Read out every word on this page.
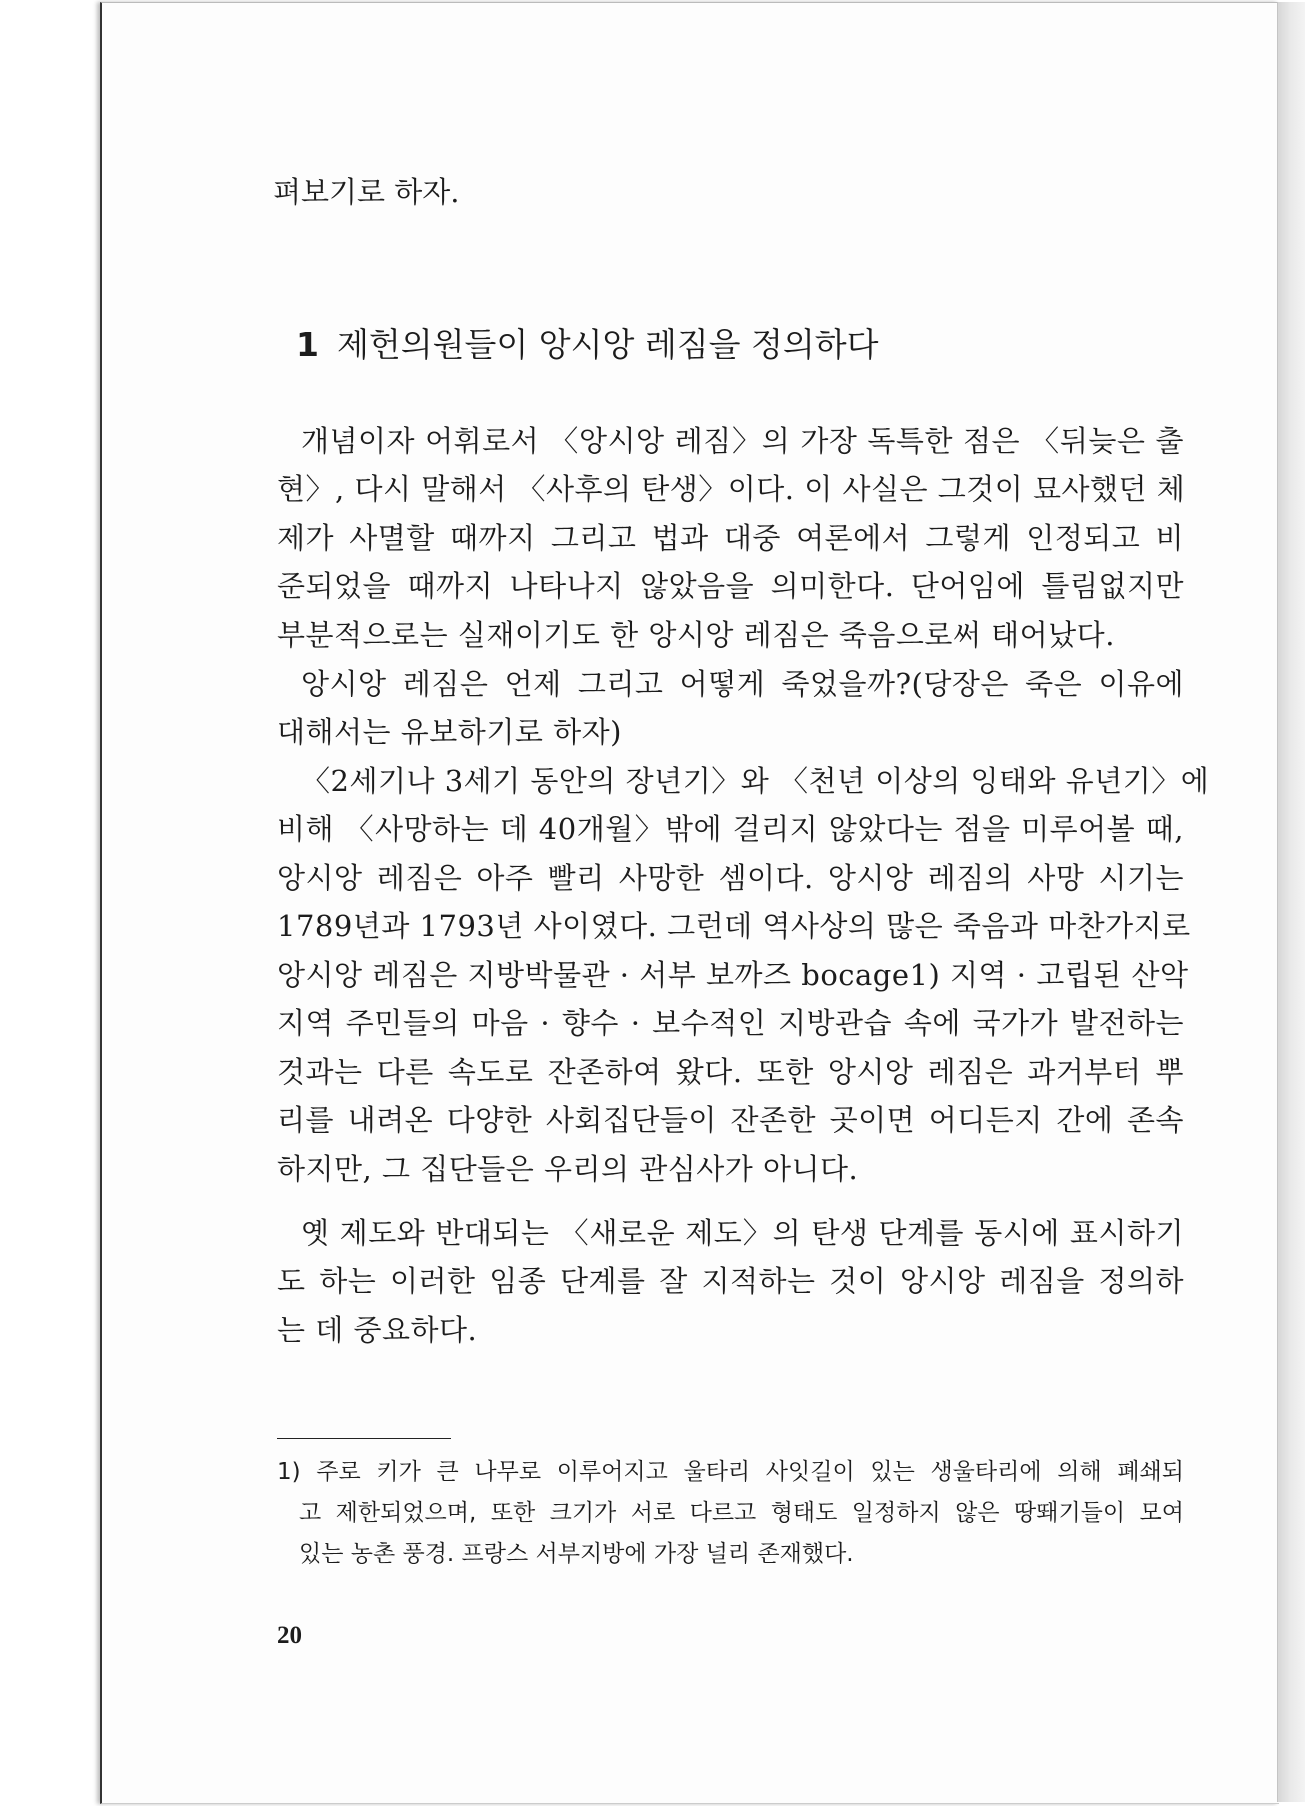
펴보기로 하자.
1 제헌의원들이 앙시앙 레짐을 정의하다
개념이자 어휘로서 〈앙시앙 레짐〉의 가장 독특한 점은 〈뒤늦은 출
현〉, 다시 말해서 〈사후의 탄생〉이다. 이 사실은 그것이 묘사했던 체
제가 사멸할 때까지 그리고 법과 대중 여론에서 그렇게 인정되고 비
준되었을 때까지 나타나지 않았음을 의미한다. 단어임에 틀림없지만
부분적으로는 실재이기도 한 앙시앙 레짐은 죽음으로써 태어났다.
앙시앙 레짐은 언제 그리고 어떻게 죽었을까?(당장은 죽은 이유에
대해서는 유보하기로 하자)
〈2세기나 3세기 동안의 장년기〉와 〈천년 이상의 잉태와 유년기〉에
비해 〈사망하는 데 40개월〉밖에 걸리지 않았다는 점을 미루어볼 때,
앙시앙 레짐은 아주 빨리 사망한 셈이다. 앙시앙 레짐의 사망 시기는
1789년과 1793년 사이였다. 그런데 역사상의 많은 죽음과 마찬가지로
앙시앙 레짐은 지방박물관 · 서부 보까즈 bocage1) 지역 · 고립된 산악
지역 주민들의 마음 · 향수 · 보수적인 지방관습 속에 국가가 발전하는
것과는 다른 속도로 잔존하여 왔다. 또한 앙시앙 레짐은 과거부터 뿌
리를 내려온 다양한 사회집단들이 잔존한 곳이면 어디든지 간에 존속
하지만, 그 집단들은 우리의 관심사가 아니다.
옛 제도와 반대되는 〈새로운 제도〉의 탄생 단계를 동시에 표시하기
도 하는 이러한 임종 단계를 잘 지적하는 것이 앙시앙 레짐을 정의하
는 데 중요하다.
1) 주로 키가 큰 나무로 이루어지고 울타리 사잇길이 있는 생울타리에 의해 폐쇄되
고 제한되었으며, 또한 크기가 서로 다르고 형태도 일정하지 않은 땅뙈기들이 모여
있는 농촌 풍경. 프랑스 서부지방에 가장 널리 존재했다.
20
